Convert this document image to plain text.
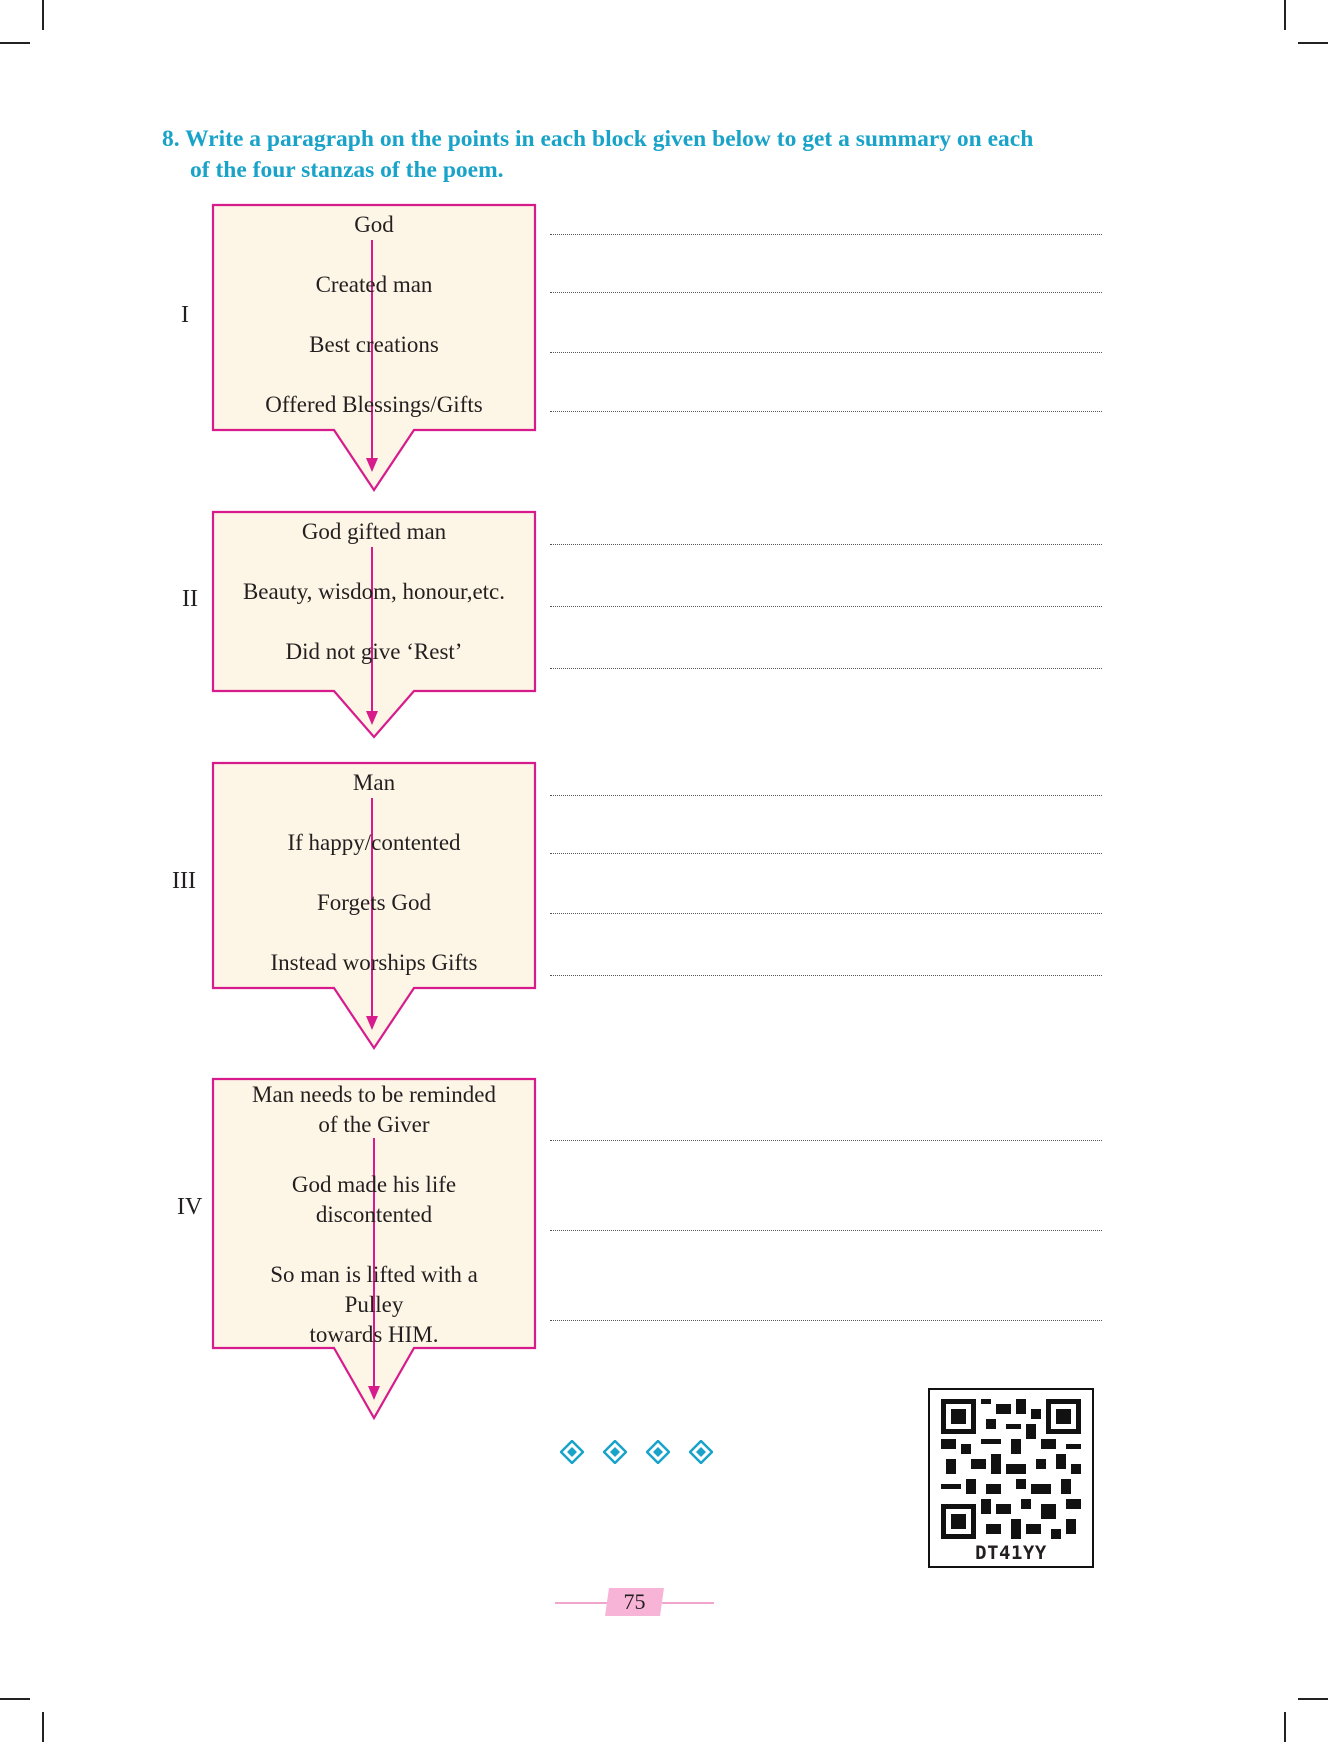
8. Write a paragraph on the points in each block given below to get a summary on each
of the four stanzas of the poem.
I
God
Created man
Best creations
Offered Blessings/Gifts
II
God gifted man
Beauty, wisdom, honour,etc.
Did not give ‘Rest’
III
Man
If happy/contented
Forgets God
Instead worships Gifts
IV
Man needs to be reminded
of the Giver
God made his life
discontented
So man is lifted with a
Pulley
towards HIM.
DT41YY
75
